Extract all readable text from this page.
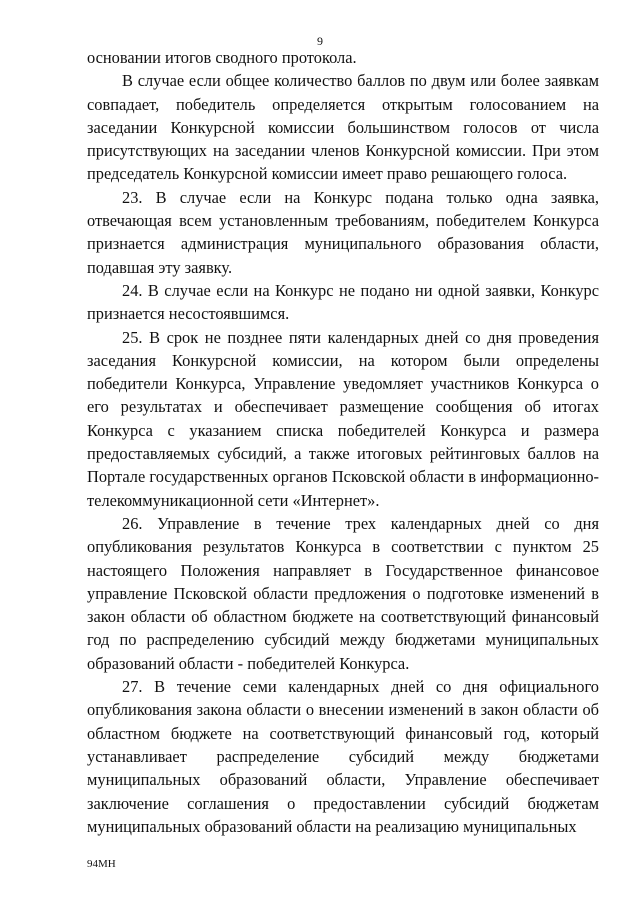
9

основании итогов сводного протокола.

В случае если общее количество баллов по двум или более заявкам совпадает, победитель определяется открытым голосованием на заседании Конкурсной комиссии большинством голосов от числа присутствующих на заседании членов Конкурсной комиссии. При этом председатель Конкурсной комиссии имеет право решающего голоса.

23. В случае если на Конкурс подана только одна заявка, отвечающая всем установленным требованиям, победителем Конкурса признается администрация муниципального образования области, подавшая эту заявку.

24. В случае если на Конкурс не подано ни одной заявки, Конкурс признается несостоявшимся.

25. В срок не позднее пяти календарных дней со дня проведения заседания Конкурсной комиссии, на котором были определены победители Конкурса, Управление уведомляет участников Конкурса о его результатах и обеспечивает размещение сообщения об итогах Конкурса с указанием списка победителей Конкурса и размера предоставляемых субсидий, а также итоговых рейтинговых баллов на Портале государственных органов Псковской области в информационно-телекоммуникационной сети «Интернет».

26. Управление в течение трех календарных дней со дня опубликования результатов Конкурса в соответствии с пунктом 25 настоящего Положения направляет в Государственное финансовое управление Псковской области предложения о подготовке изменений в закон области об областном бюджете на соответствующий финансовый год по распределению субсидий между бюджетами муниципальных образований области - победителей Конкурса.

27. В течение семи календарных дней со дня официального опубликования закона области о внесении изменений в закон области об областном бюджете на соответствующий финансовый год, который устанавливает распределение субсидий между бюджетами муниципальных образований области, Управление обеспечивает заключение соглашения о предоставлении субсидий бюджетам муниципальных образований области на реализацию муниципальных

94МН
